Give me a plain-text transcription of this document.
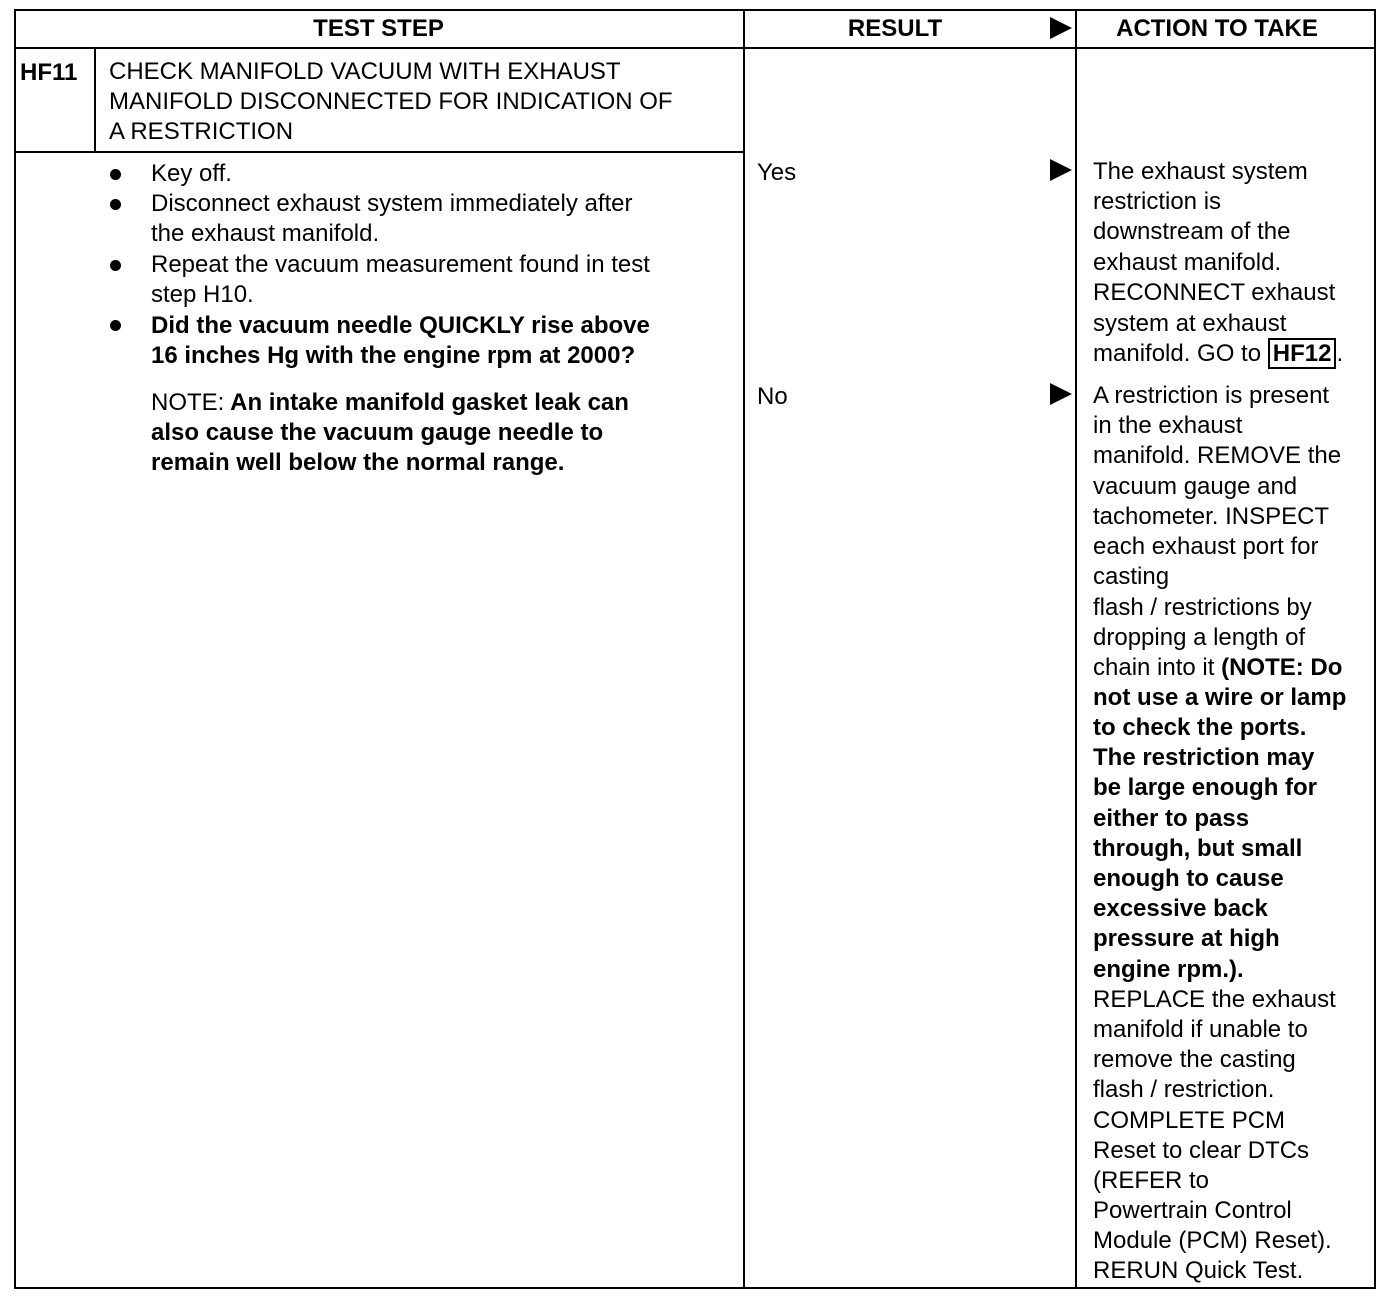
TEST STEP	RESULT	ACTION TO TAKE
HF11 CHECK MANIFOLD VACUUM WITH EXHAUST
MANIFOLD DISCONNECTED FOR INDICATION OF
A RESTRICTION
Key off.
Disconnect exhaust system immediately after
the exhaust manifold.
Repeat the vacuum measurement found in test
step H10.
Did the vacuum needle QUICKLY rise above
16 inches Hg with the engine rpm at 2000?
NOTE: An intake manifold gasket leak can
also cause the vacuum gauge needle to
remain well below the normal range.
Yes
No
The exhaust system
restriction is
downstream of the
exhaust manifold.
RECONNECT exhaust
system at exhaust
manifold. GO to HF12 .
A restriction is present
in the exhaust
manifold. REMOVE the
vacuum gauge and
tachometer. INSPECT
each exhaust port for
casting
flash / restrictions by
dropping a length of
chain into it (NOTE: Do
not use a wire or lamp
to check the ports.
The restriction may
be large enough for
either to pass
through, but small
enough to cause
excessive back
pressure at high
engine rpm.).
REPLACE the exhaust
manifold if unable to
remove the casting
flash / restriction.
COMPLETE PCM
Reset to clear DTCs
(REFER to
Powertrain Control
Module (PCM) Reset).
RERUN Quick Test.
